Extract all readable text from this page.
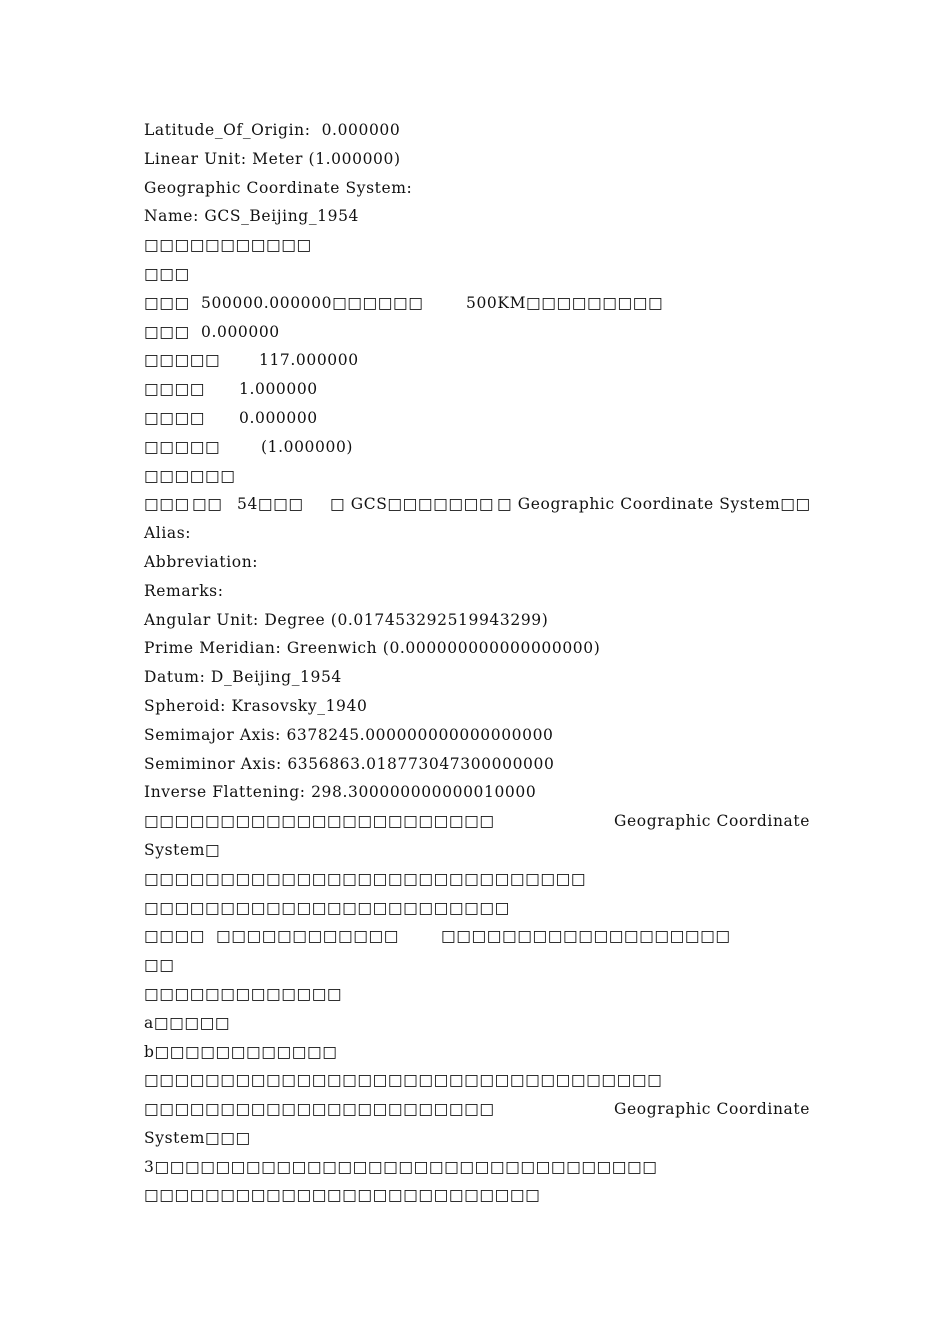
Latitude_Of_Origin:  0.000000
Linear Unit: Meter (1.000000)
Geographic Coordinate System:
Name: GCS_Beijing_1954
□□□□□□□□□□□
□□□
□□□ 500000.000000□□□□□□	500KM□□□□□□□□□
□□□ 0.000000
□□□□□	117.000000
□□□□ 1.000000
□□□□ 0.000000
□□□□□	(1.000000)
□□□□□□
□□□ □□ 54□□□ □ GCS□□□□□□□ □ Geographic Coordinate System□□
Alias:
Abbreviation:
Remarks:
Angular Unit: Degree (0.017453292519943299)
Prime Meridian: Greenwich (0.000000000000000000)
Datum: D_Beijing_1954
Spheroid: Krasovsky_1940
Semimajor Axis: 6378245.000000000000000000
Semiminor Axis: 6356863.018773047300000000
Inverse Flattening: 298.300000000000010000
□□□□□□□□□□□□□□□□□□□□□□□	Geographic Coordinate
System□
□□□□□□□□□□□□□□□□□□□□□□□□□□□□□
□□□□□□□□□□□□□□□□□□□□□□□□
□□□□ □□□□□□□□□□□□	□□□□□□□□□□□□□□□□□□□
□□
□□□□□□□□□□□□□
a□□□□□
b□□□□□□□□□□□□
□□□□□□□□□□□□□□□□□□□□□□□□□□□□□□□□□□
□□□□□□□□□□□□□□□□□□□□□□□	Geographic Coordinate
System□□□
3□□□□□□□□□□□□□□□□□□□□□□□□□□□□□□□□□
□□□□□□□□□□□□□□□□□□□□□□□□□□
